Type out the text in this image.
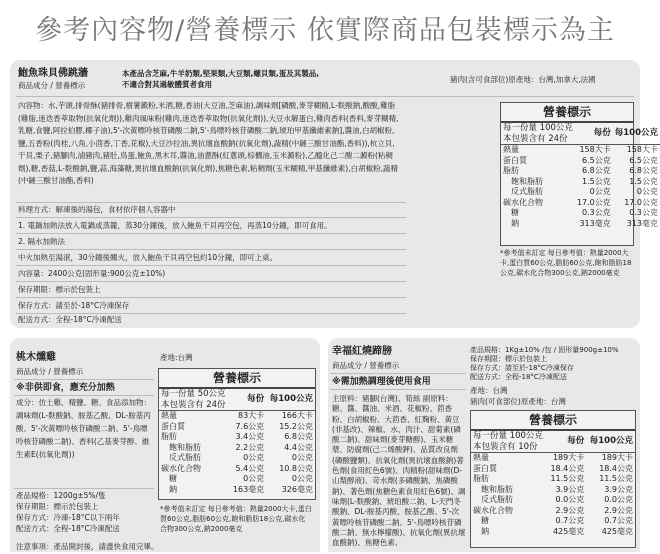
參考內容物/營養標示 依實際商品包裝標示為主
鮑魚珠貝佛跳牆
商品成分 / 營養標示
本產品含芝麻,牛羊奶類,堅果類,大豆類,螺貝類,蛋及其製品,
不適合對其過敏體質者食用
豬肉(含可食部位)原產地：台灣,加拿大,法國
內容物：水,芋頭,排骨酥(豬排骨,樹薯澱粉,米酒,糖,香油(大豆油,芝麻油),調味劑[磷酸,麥芽糊精,L-麩酸鈉,酸酸,雞脂(雞脂,迷迭香萃取物(抗氧化劑)),雞肉風味粉(雞肉,迷迭香萃取物(抗氧化劑)),大豆水解蛋白,雞肉香料(香料,麥芽糊精,乳糖,食鹽,阿拉伯膠,椰子油),5'-次黃嘌呤核苷磷酸二鈉,5'-鳥嘌呤核苷磷酸二鈉,琥珀甲基纖維素鈉],醬油,白胡椒粉,鹽,五香粉(肉桂,八角,小茴香,丁香,花椒),大豆沙拉油,異抗壞血酸鈉(抗氧化劑),蔬精(中鏈三酸甘油酯,香料)),杭立貝,干貝,栗子,豬腳肉,滷豬肉,豬肚,鳥蛋,鮑魚,黑木耳,醬油,油蔥酥(紅蔥頭,棕櫚油,玉米澱粉),乙醯化己二酸二澱粉(粘稠劑),糖,香菇,L-麩酸鈉,鹽,蒜,海藻糖,異抗壞血酸鈉(抗氧化劑),焦糖色素,粘稠劑(玉米糊精,甲基纖維素),白胡椒粉,蔬精(中鏈三酸甘油酯,香料)
料理方式：解凍後的湯包，食材依序個人容器中
1. 電鍋加熱法放入電鍋或蒸籠，蒸30分鐘後，放入鮑魚干貝再空包，再蒸10分鐘，即可食用。
2. 隔水加熱法
中火加熱至湯滾，30分鐘後關火，放入鮑魚干貝再空包約10分鐘，即可上桌。
內容量：2400公克(固形量:900公克±10%)
保存期限：標示於包裝上
保存方式：請至於-18°C冷凍保存
配送方式：全程-18°C冷凍配送
營養標示
每一份量 100公克
本包裝含有 24份	每份	每100公克
熱量	158大卡	158大卡
蛋白質	6.5公克	6.5公克
脂肪	6.8公克	6.8公克
飽和脂肪	1.5公克	1.5公克
反式脂肪	0公克	0公克
碳水化合物	17.0公克	17.0公克
糖	0.3公克	0.3公克
鈉	313毫克	313毫克
*參考值未訂定 每日參考值：熱量2000大卡,蛋白質60公克,脂肪60公克,飽和脂肪18公克,碳水化合物300公克,鈉2000毫克
桃木燻雞
商品成分 / 營養標示
產地:台灣
※非供即食，應充分加熱
成分：仿土雞、精鹽、糖、食品添加物：調味劑(L-麩酸鈉、胺基乙酸、DL-胺基丙酸、5'-次黃嘌呤核苷磷酸二鈉、5'-鳥嘌呤核苷磷酸二鈉)、香料(乙基麥芽醇、維生素E(抗氧化劑))
產品規格：1200g±5%/隻
保存期限：標示於包裝上
保存方式：冷凍-18°C以下兩年
配送方式：全程-18°C冷凍配送
注意事項：產品開封後，請盡快食用完畢。
營養標示
每一份量 50公克
本包裝含有 24份	每份	每100公克
熱量	83大卡	166大卡
蛋白質	7.6公克	15.2公克
脂肪	3.4公克	6.8公克
飽和脂肪	2.2公克	4.4公克
反式脂肪	0公克	0公克
碳水化合物	5.4公克	10.8公克
糖	0公克	0公克
鈉	163毫克	326毫克
*參考值未訂定 每日參考值：熱量2000大卡,蛋白質60公克,脂肪60公克,飽和脂肪18公克,碳水化合物300公克,鈉2000毫克
幸福紅燒蹄膀
商品成分 / 營養標示
※需加熱調理後使用食用
主原料：豬腳(台灣)、筍絲 副原料：糖、醬、醬油、米酒、花椒粉、茴香粉、白胡椒粉、大茴香、紅麴粉、黃豆(非基改)、辣椒、水、肉汁、甜菊素(磷酸二鈉)、甜味劑(麥芽糖醇)、玉米糖漿、防腐劑(己二烯酸鉀)、品質改良劑(磷酸鹽類)、抗氧化劑(異抗壞血酸鈉)著色劑(食用紅色6號)、肉精粉(甜味劑(D-山梨醇液)、苛水劑(多磷酸鈉、焦磷酸鈉)、著色劑(焦糖色素食用紅色6號)、調味劑(L-麩酸鈉、琥珀酸二鈉、L-天門冬酸鈉、DL-胺基丙酸、胺基乙酸、5'-次黃嘌呤核苷磷酸二鈉、5'-鳥嘌呤核苷磷酸二鈉、無水檸檬酸)、抗氧化劑(異抗壞血酸鈉)、焦糖色素、
產品規格：1Kg±10% /包 / 固形量900g±10%
保存期限：標示於包裝上
保存方式：請至於-18°C冷凍保存
配送方式：全程-18°C冷凍配送
產地：台灣
豬肉(可食部位)原產地：台灣
營養標示
每一份量 100公克
本包裝含有 10份	每份	每100公克
熱量	189大卡	189大卡
蛋白質	18.4公克	18.4公克
脂肪	11.5公克	11.5公克
飽和脂肪	3.9公克	3.9公克
反式脂肪	0.0公克	0.0公克
碳水化合物	2.9公克	2.9公克
糖	0.7公克	0.7公克
鈉	425毫克	425毫克
